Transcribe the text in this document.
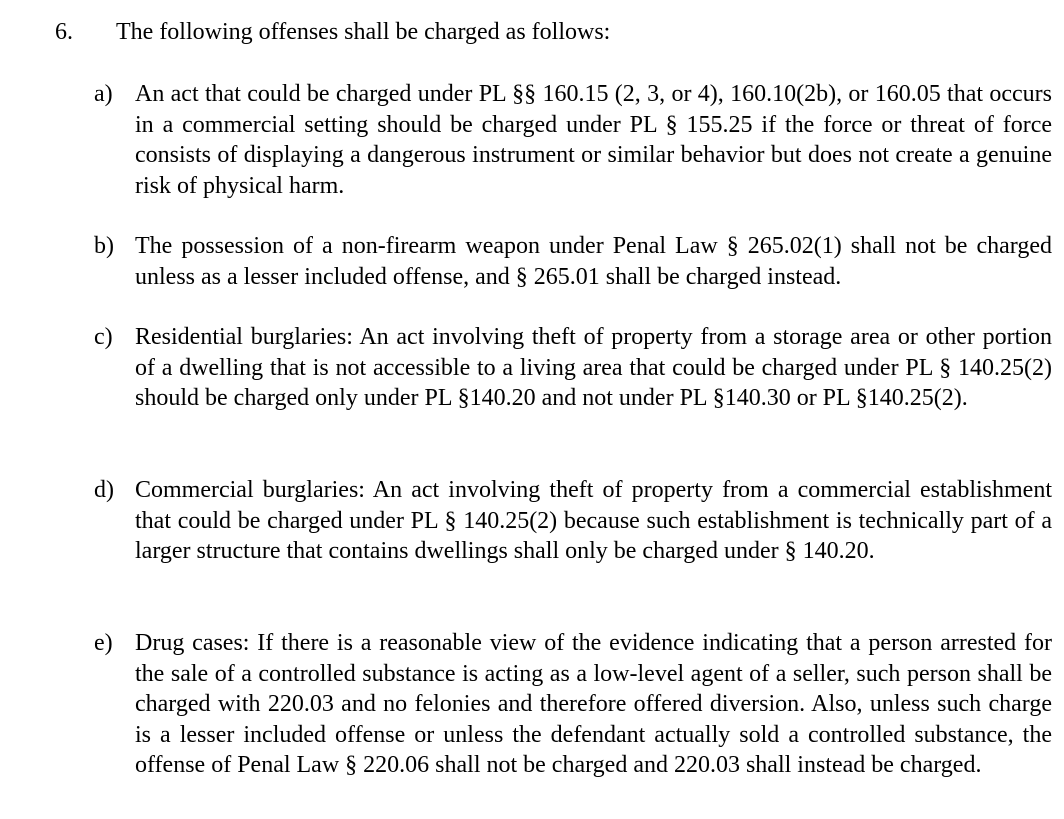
6. The following offenses shall be charged as follows:
a) An act that could be charged under PL §§ 160.15 (2, 3, or 4), 160.10(2b), or 160.05 that occurs in a commercial setting should be charged under PL § 155.25 if the force or threat of force consists of displaying a dangerous instrument or similar behavior but does not create a genuine risk of physical harm.
b) The possession of a non-firearm weapon under Penal Law § 265.02(1) shall not be charged unless as a lesser included offense, and § 265.01 shall be charged instead.
c) Residential burglaries: An act involving theft of property from a storage area or other portion of a dwelling that is not accessible to a living area that could be charged under PL § 140.25(2) should be charged only under PL §140.20 and not under PL §140.30 or PL §140.25(2).
d) Commercial burglaries: An act involving theft of property from a commercial establishment that could be charged under PL § 140.25(2) because such establishment is technically part of a larger structure that contains dwellings shall only be charged under § 140.20.
e) Drug cases: If there is a reasonable view of the evidence indicating that a person arrested for the sale of a controlled substance is acting as a low-level agent of a seller, such person shall be charged with 220.03 and no felonies and therefore offered diversion. Also, unless such charge is a lesser included offense or unless the defendant actually sold a controlled substance, the offense of Penal Law § 220.06 shall not be charged and 220.03 shall instead be charged.
